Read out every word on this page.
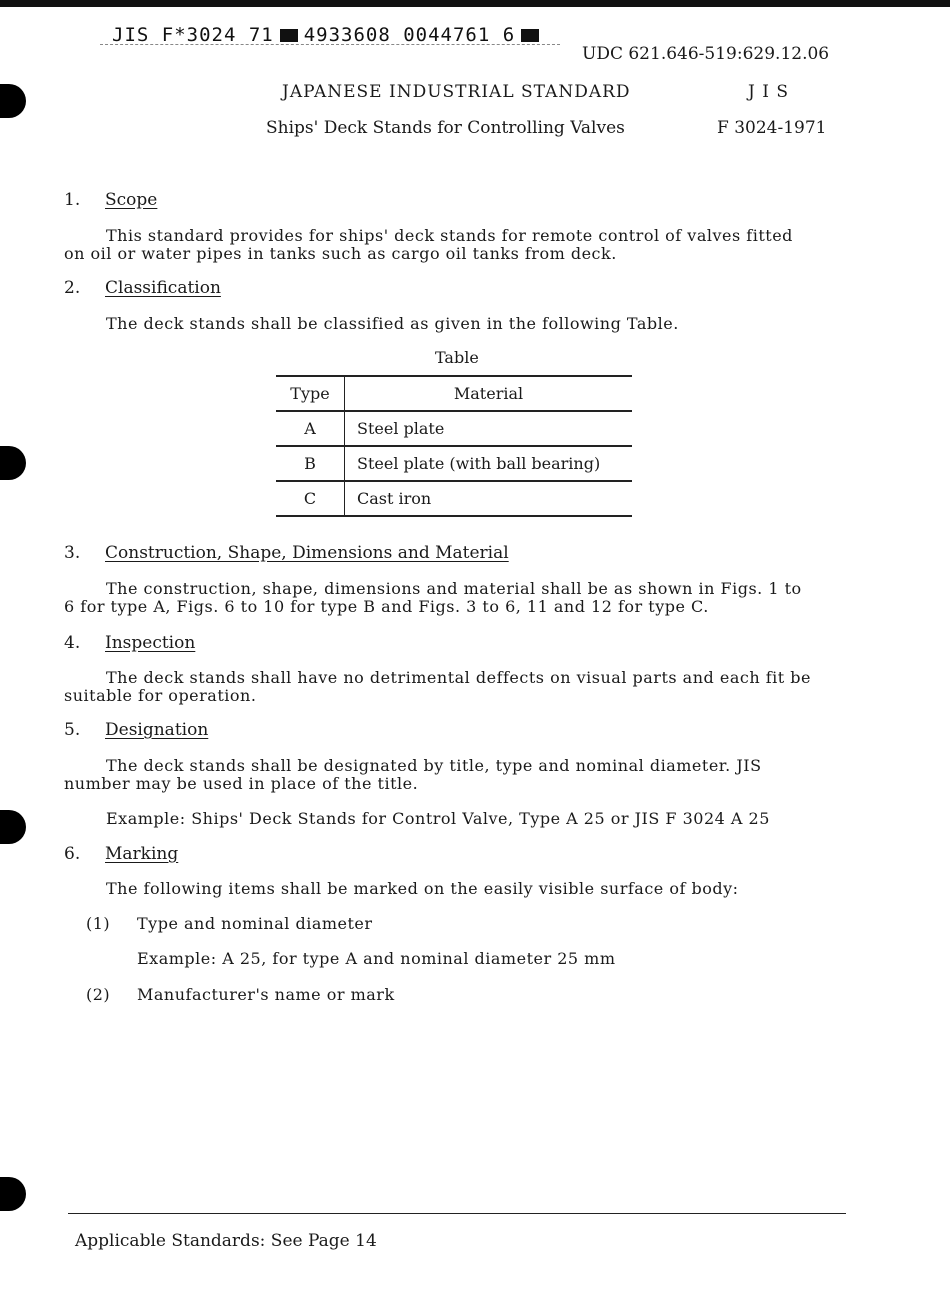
JIS F*3024 71 4933608 0044761 6
UDC 621.646-519:629.12.06
JAPANESE INDUSTRIAL STANDARD	J I S
Ships' Deck Stands for Controlling Valves	F 3024-1971
1. Scope
This standard provides for ships' deck stands for remote control of valves fitted
on oil or water pipes in tanks such as cargo oil tanks from deck.
2. Classification
The deck stands shall be classified as given in the following Table.
Table
Type	Material
A	Steel plate
B	Steel plate (with ball bearing)
C	Cast iron
3. Construction, Shape, Dimensions and Material
The construction, shape, dimensions and material shall be as shown in Figs. 1 to
6 for type A, Figs. 6 to 10 for type B and Figs. 3 to 6, 11 and 12 for type C.
4. Inspection
The deck stands shall have no detrimental deffects on visual parts and each fit be
suitable for operation.
5. Designation
The deck stands shall be designated by title, type and nominal diameter. JIS
number may be used in place of the title.
Example: Ships' Deck Stands for Control Valve, Type A 25 or JIS F 3024 A 25
6. Marking
The following items shall be marked on the easily visible surface of body:
(1) Type and nominal diameter
Example: A 25, for type A and nominal diameter 25 mm
(2) Manufacturer's name or mark
Applicable Standards: See Page 14
